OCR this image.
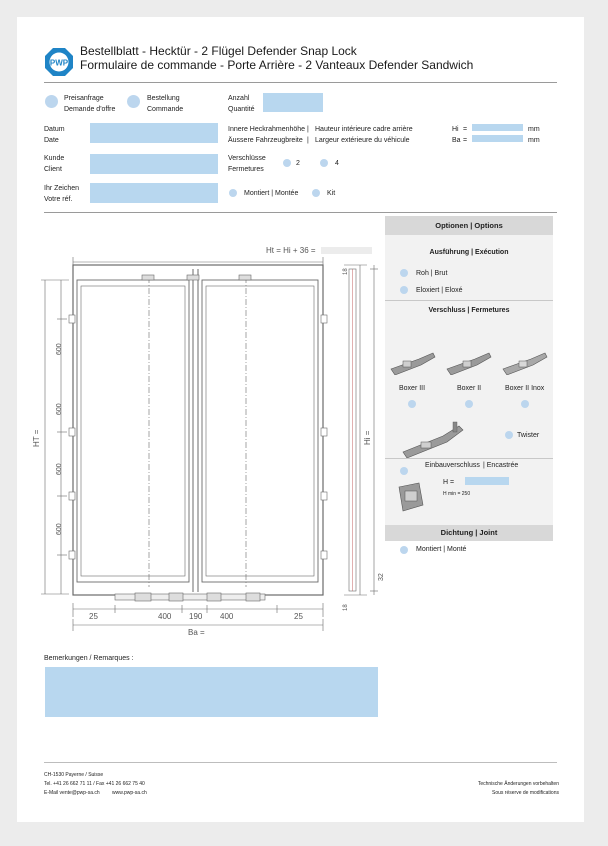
PWP
Bestellblatt - Hecktür - 2 Flügel Defender Snap Lock
Formulaire de commande - Porte Arrière - 2 Vanteaux Defender Sandwich
Preisanfrage
Demande d'offre
Bestellung
Commande
Anzahl
Quantité
Datum
Date
Innere Heckrahmenhöhe | Hauteur intérieure cadre arrière
Äussere Fahrzeugbreite | Largeur extérieure du véhicule
Hi =	mm
Ba =	mm
Kunde
Client
Verschlüsse
Fermetures
2	4
Ihr Zeichen
Votre réf.
Montiert | Montée	Kit
Ht = Hi + 36 =
25	400 190 400	25
Ba =
HT =
600
600
600
600
18
18
32
Hi =
Optionen | Options
Ausführung | Exécution
Roh | Brut
Eloxiert | Eloxé
Verschluss | Fermetures
Boxer III	Boxer II	Boxer II Inox
Twister
Einbauverschluss | Encastrée
H =
H min = 250
Dichtung | Joint
Montiert | Monté
Bemerkungen / Remarques :
CH-1530 Payerne / Suisse
Tel. +41 26 662 71 11 / Fax +41 26 662 75 40
E-Mail vente@pwp-sa.ch www.pwp-sa.ch
Technische Änderungen vorbehalten
Sous réserve de modifications
